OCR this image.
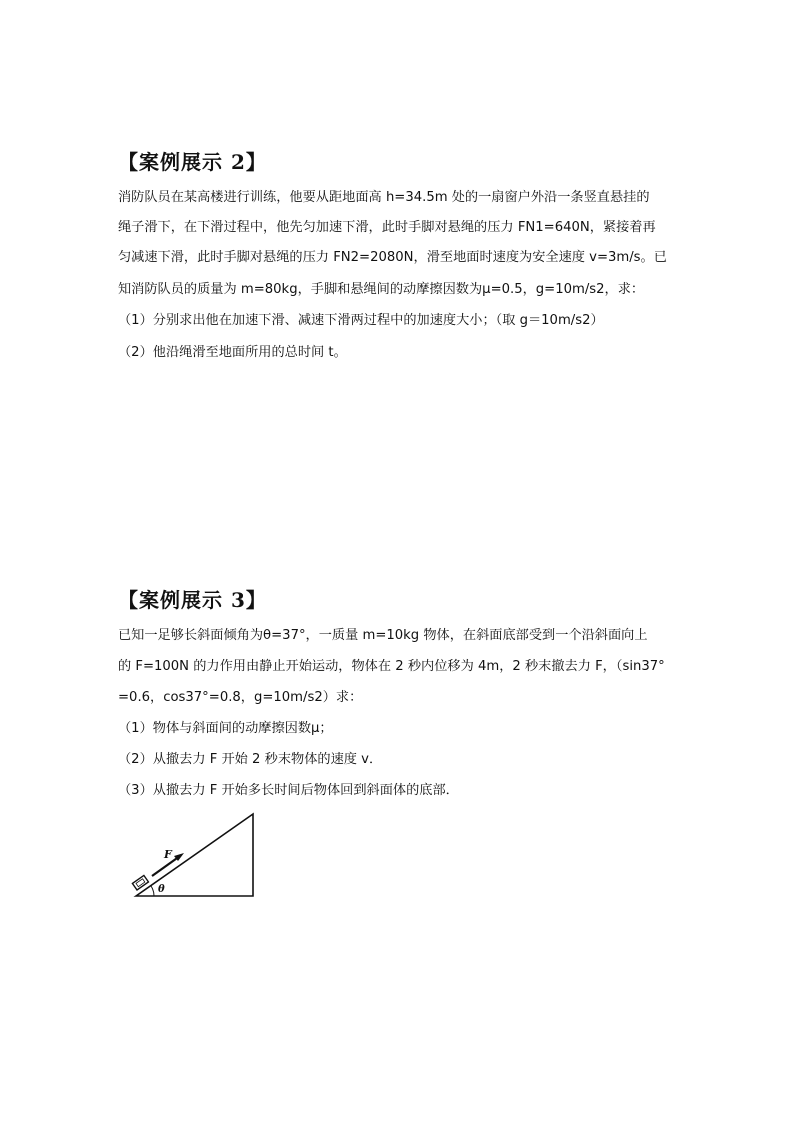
【案例展示 2】

消防队员在某高楼进行训练，他要从距地面高 h=34.5m 处的一扇窗户外沿一条竖直悬挂的

绳子滑下，在下滑过程中，他先匀加速下滑，此时手脚对悬绳的压力 FN1=640N，紧接着再

匀减速下滑，此时手脚对悬绳的压力 FN2=2080N，滑至地面时速度为安全速度 v=3m/s。已

知消防队员的质量为 m=80kg，手脚和悬绳间的动摩擦因数为μ=0.5，g=10m/s2，求：

（1）分别求出他在加速下滑、减速下滑两过程中的加速度大小；（取 g＝10m/s2）

（2）他沿绳滑至地面所用的总时间 t。

【案例展示 3】

已知一足够长斜面倾角为θ=37°，一质量 m=10kg 物体，在斜面底部受到一个沿斜面向上

的 F=100N 的力作用由静止开始运动，物体在 2 秒内位移为 4m，2 秒末撤去力 F，（sin37°

=0.6，cos37°=0.8，g=10m/s2）求：

（1）物体与斜面间的动摩擦因数μ；

（2）从撤去力 F 开始 2 秒末物体的速度 v．

（3）从撤去力 F 开始多长时间后物体回到斜面体的底部．

F
θ
